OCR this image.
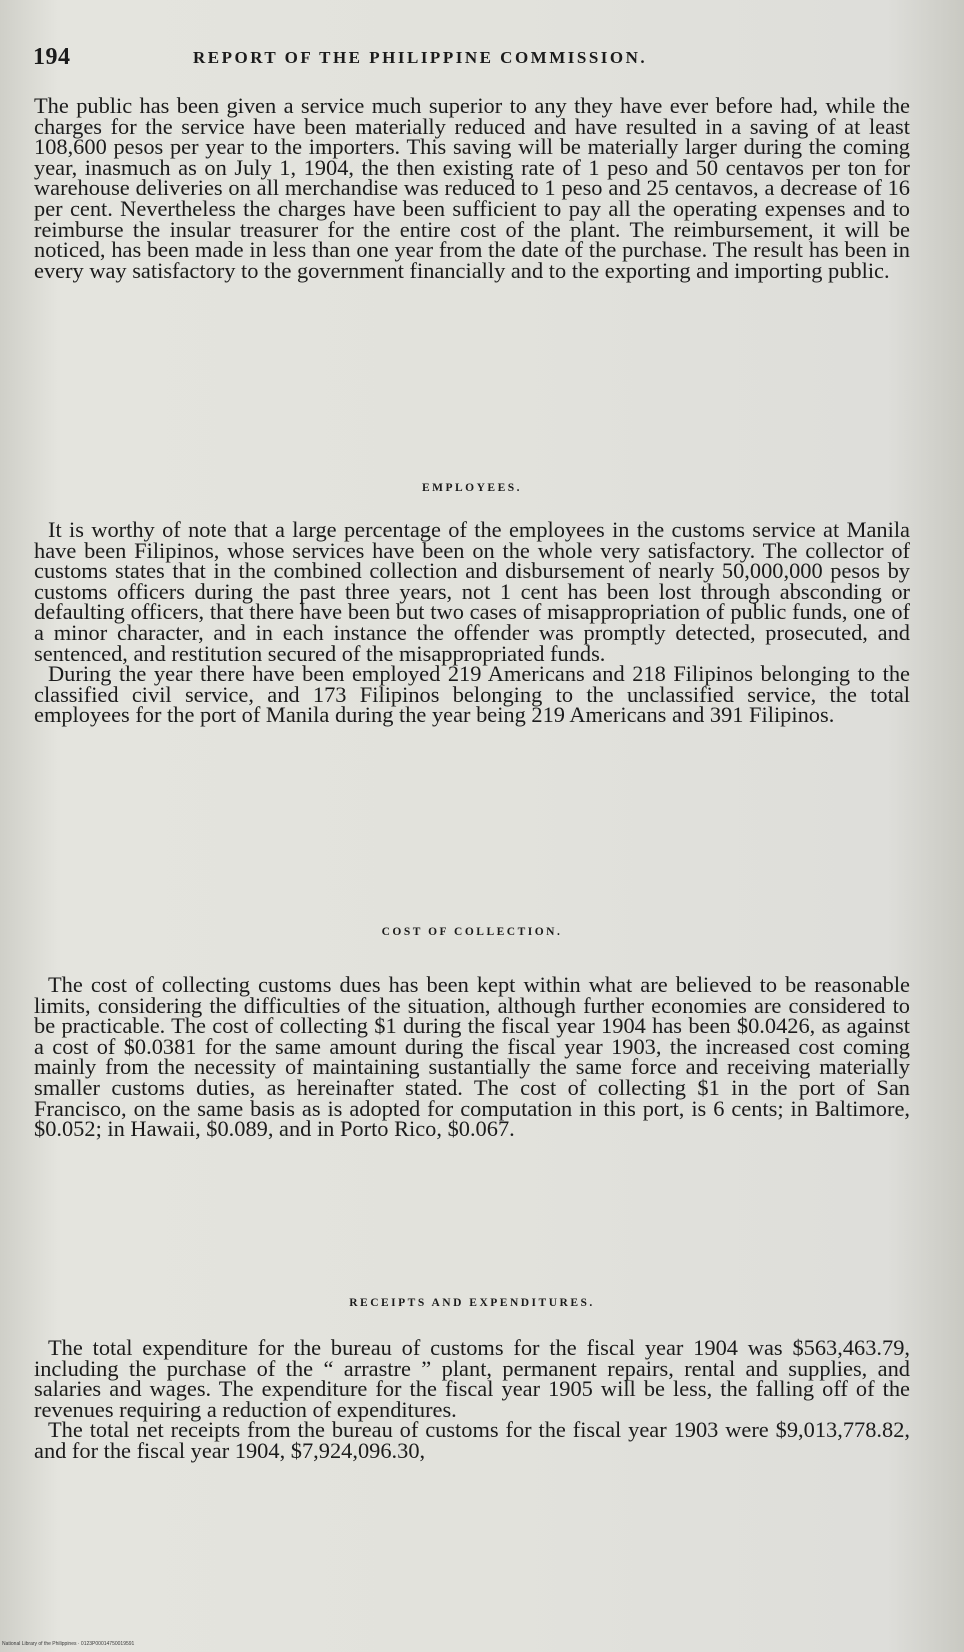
194	REPORT OF THE PHILIPPINE COMMISSION.

The public has been given a service much superior to any they have ever before had, while the charges for the service have been materially reduced and have resulted in a saving of at least 108,600 pesos per year to the importers. This saving will be materially larger during the coming year, inasmuch as on July 1, 1904, the then existing rate of 1 peso and 50 centavos per ton for warehouse deliveries on all merchandise was reduced to 1 peso and 25 centavos, a decrease of 16 per cent. Nevertheless the charges have been sufficient to pay all the operating expenses and to reimburse the insular treasurer for the entire cost of the plant. The reimbursement, it will be noticed, has been made in less than one year from the date of the purchase. The result has been in every way satisfactory to the government financially and to the exporting and importing public.

EMPLOYEES.

It is worthy of note that a large percentage of the employees in the customs service at Manila have been Filipinos, whose services have been on the whole very satisfactory. The collector of customs states that in the combined collection and disbursement of nearly 50,000,000 pesos by customs officers during the past three years, not 1 cent has been lost through absconding or defaulting officers, that there have been but two cases of misappropriation of public funds, one of a minor character, and in each instance the offender was promptly detected, prosecuted, and sentenced, and restitution secured of the misappropriated funds.

During the year there have been employed 219 Americans and 218 Filipinos belonging to the classified civil service, and 173 Filipinos belonging to the unclassified service, the total employees for the port of Manila during the year being 219 Americans and 391 Filipinos.

COST OF COLLECTION.

The cost of collecting customs dues has been kept within what are believed to be reasonable limits, considering the difficulties of the situation, although further economies are considered to be practicable. The cost of collecting $1 during the fiscal year 1904 has been $0.0426, as against a cost of $0.0381 for the same amount during the fiscal year 1903, the increased cost coming mainly from the necessity of maintaining sustantially the same force and receiving materially smaller customs duties, as hereinafter stated. The cost of collecting $1 in the port of San Francisco, on the same basis as is adopted for computation in this port, is 6 cents; in Baltimore, $0.052; in Hawaii, $0.089, and in Porto Rico, $0.067.

RECEIPTS AND EXPENDITURES.

The total expenditure for the bureau of customs for the fiscal year 1904 was $563,463.79, including the purchase of the “ arrastre ” plant, permanent repairs, rental and supplies, and salaries and wages. The expenditure for the fiscal year 1905 will be less, the falling off of the revenues requiring a reduction of expenditures.

The total net receipts from the bureau of customs for the fiscal year 1903 were $9,013,778.82, and for the fiscal year 1904, $7,924,096.30,

National Library of the Philippines · 0123P00014750019591
